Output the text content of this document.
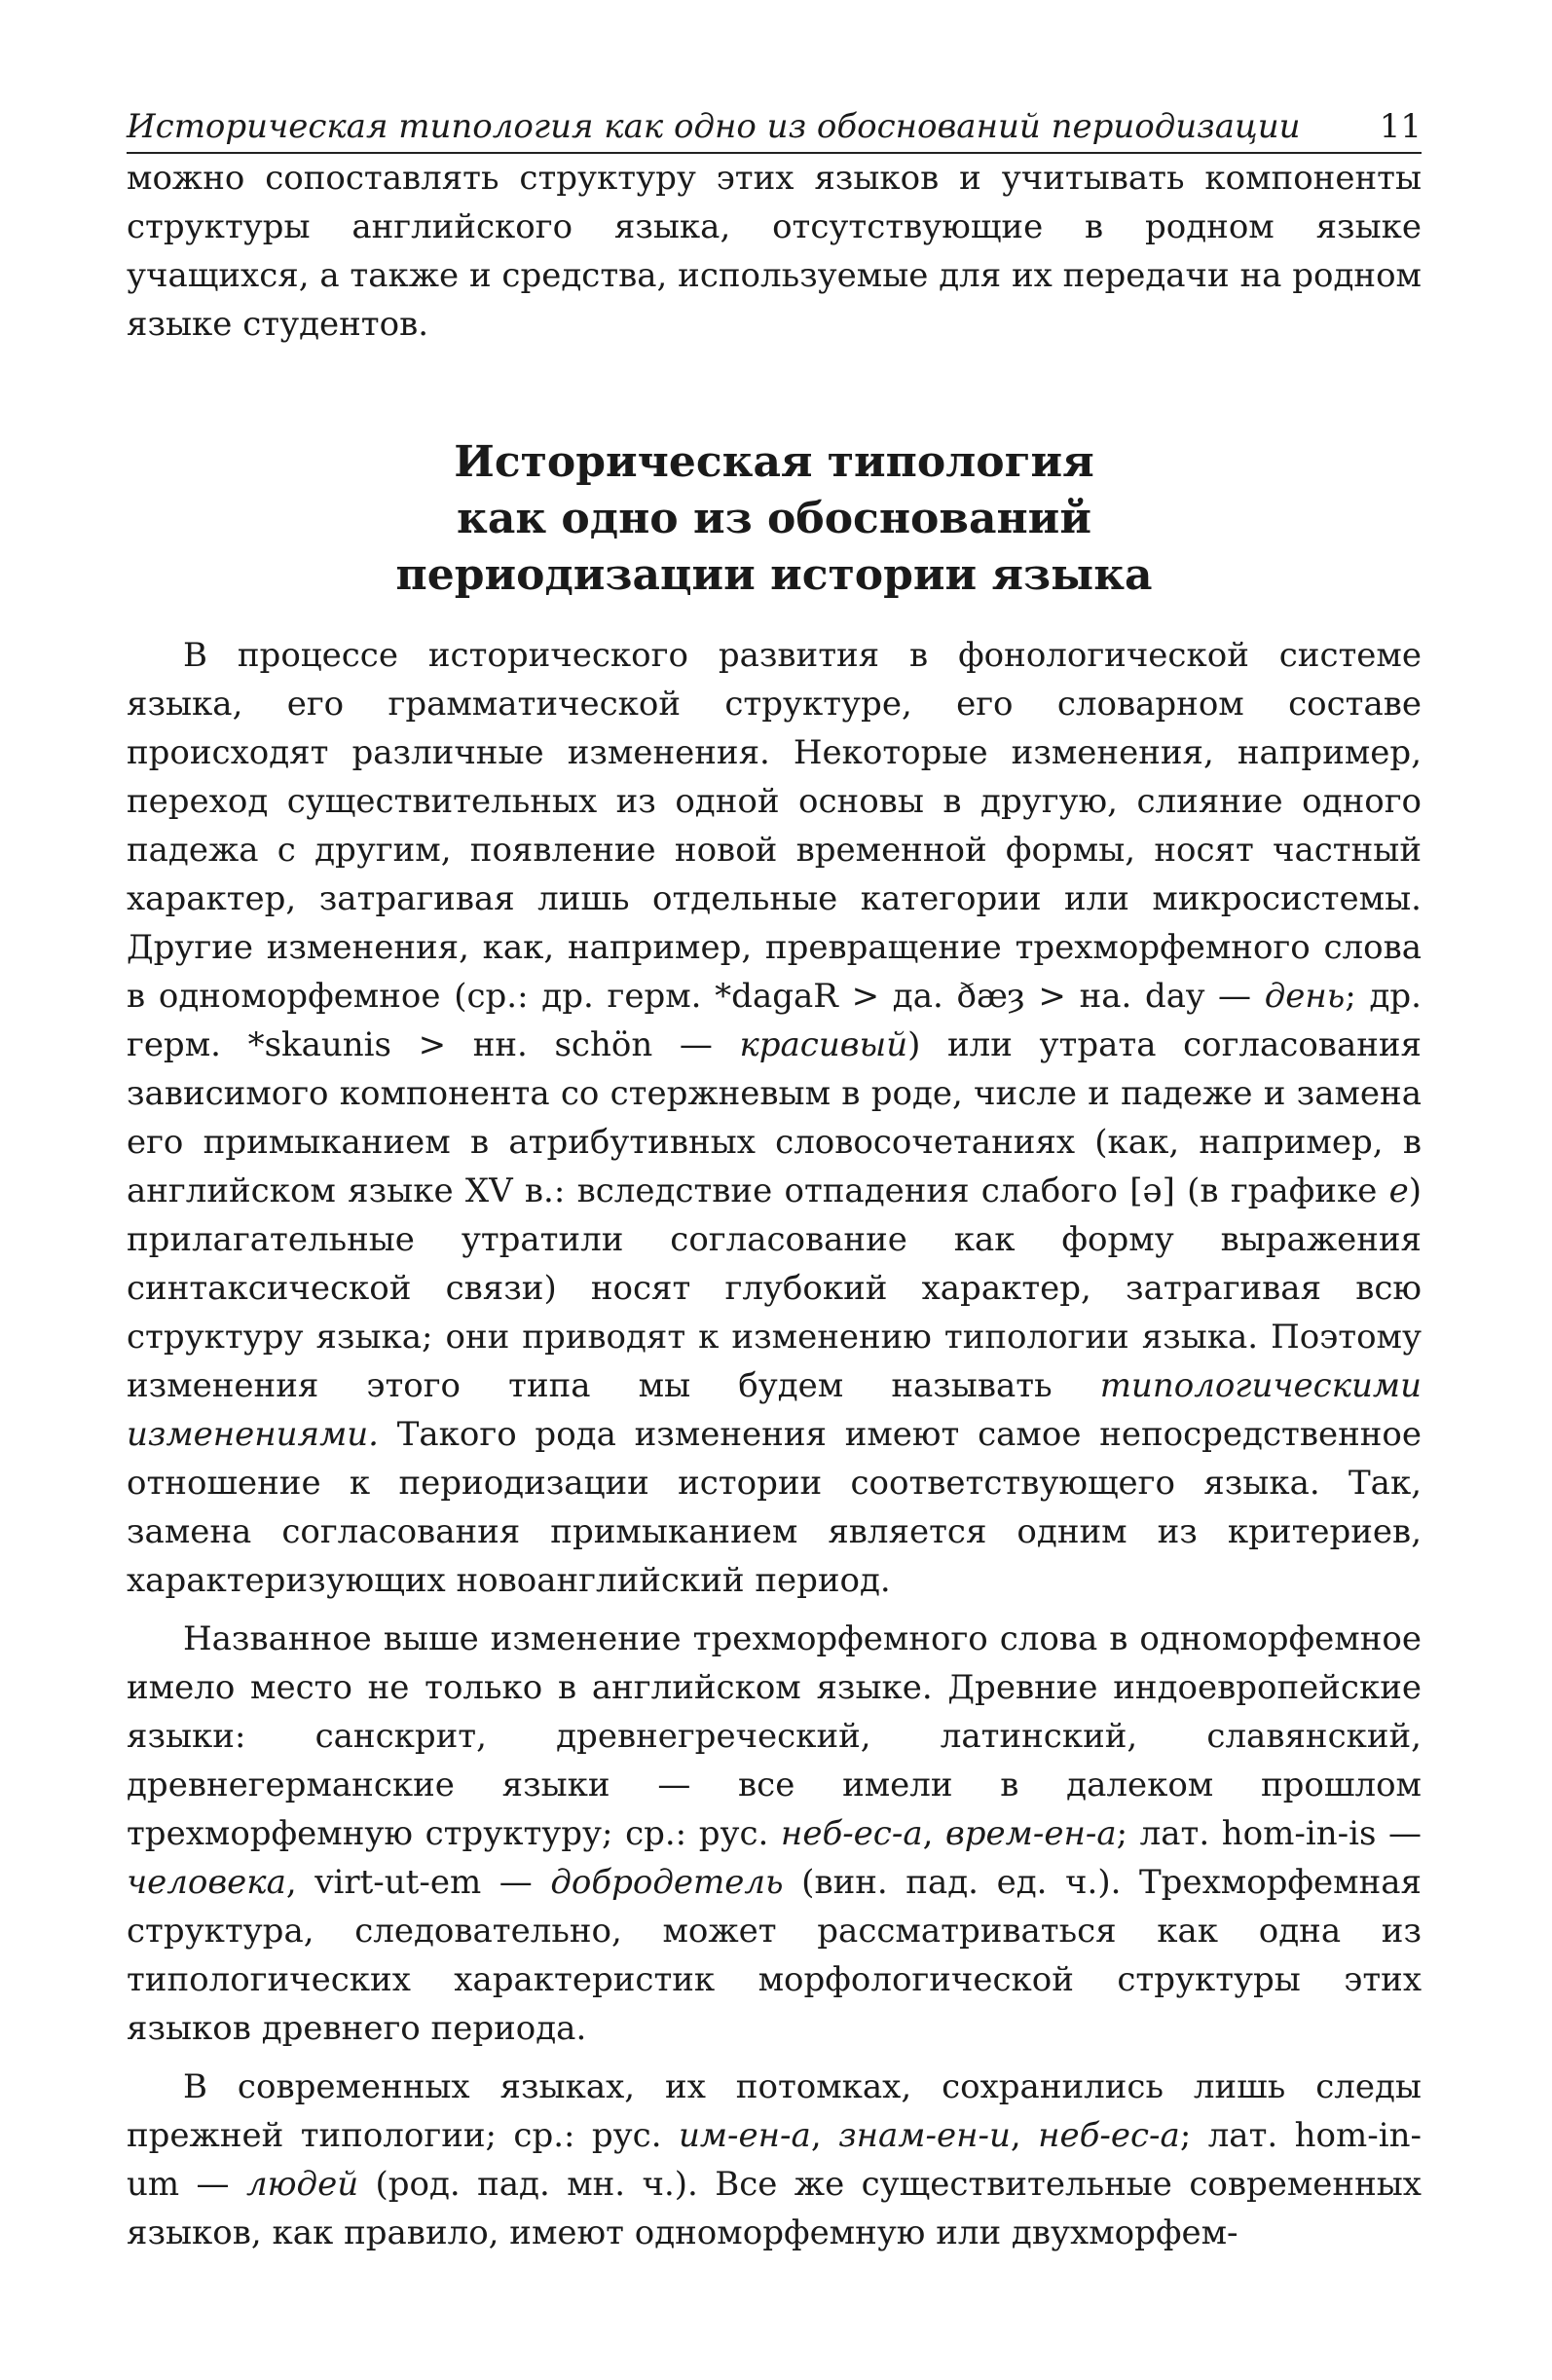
Историческая типология как одно из обоснований периодизации 11

можно сопоставлять структуру этих языков и учитывать компоненты структуры английского языка, отсутствующие в родном языке учащихся, а также и средства, используемые для их передачи на родном языке студентов.

Историческая типология
как одно из обоснований
периодизации истории языка

В процессе исторического развития в фонологической системе языка, его грамматической структуре, его словарном составе происходят различные изменения. Некоторые изменения, например, переход существительных из одной основы в другую, слияние одного падежа с другим, появление новой временной формы, носят частный характер, затрагивая лишь отдельные категории или микросистемы. Другие изменения, как, например, превращение трехморфемного слова в одноморфемное (ср.: др. герм. *dagaR > да. ðæȝ > на. day — день; др. герм. *skaunis > нн. schön — красивый) или утрата согласования зависимого компонента со стержневым в роде, числе и падеже и замена его примыканием в атрибутивных словосочетаниях (как, например, в английском языке XV в.: вследствие отпадения слабого [ə] (в графике e) прилагательные утратили согласование как форму выражения синтаксической связи) носят глубокий характер, затрагивая всю структуру языка; они приводят к изменению типологии языка. Поэтому изменения этого типа мы будем называть типологическими изменениями. Такого рода изменения имеют самое непосредственное отношение к периодизации истории соответствующего языка. Так, замена согласования примыканием является одним из критериев, характеризующих новоанглийский период.

Названное выше изменение трехморфемного слова в одноморфемное имело место не только в английском языке. Древние индоевропейские языки: санскрит, древнегреческий, латинский, славянский, древнегерманские языки — все имели в далеком прошлом трехморфемную структуру; ср.: рус. неб-ес-а, врем-ен-а; лат. hom-in-is — человека, virt-ut-em — добродетель (вин. пад. ед. ч.). Трехморфемная структура, следовательно, может рассматриваться как одна из типологических характеристик морфологической структуры этих языков древнего периода.

В современных языках, их потомках, сохранились лишь следы прежней типологии; ср.: рус. им-ен-а, знам-ен-и, неб-ес-а; лат. hom-in-um — людей (род. пад. мн. ч.). Все же существительные современных языков, как правило, имеют одноморфемную или двухморфем-
